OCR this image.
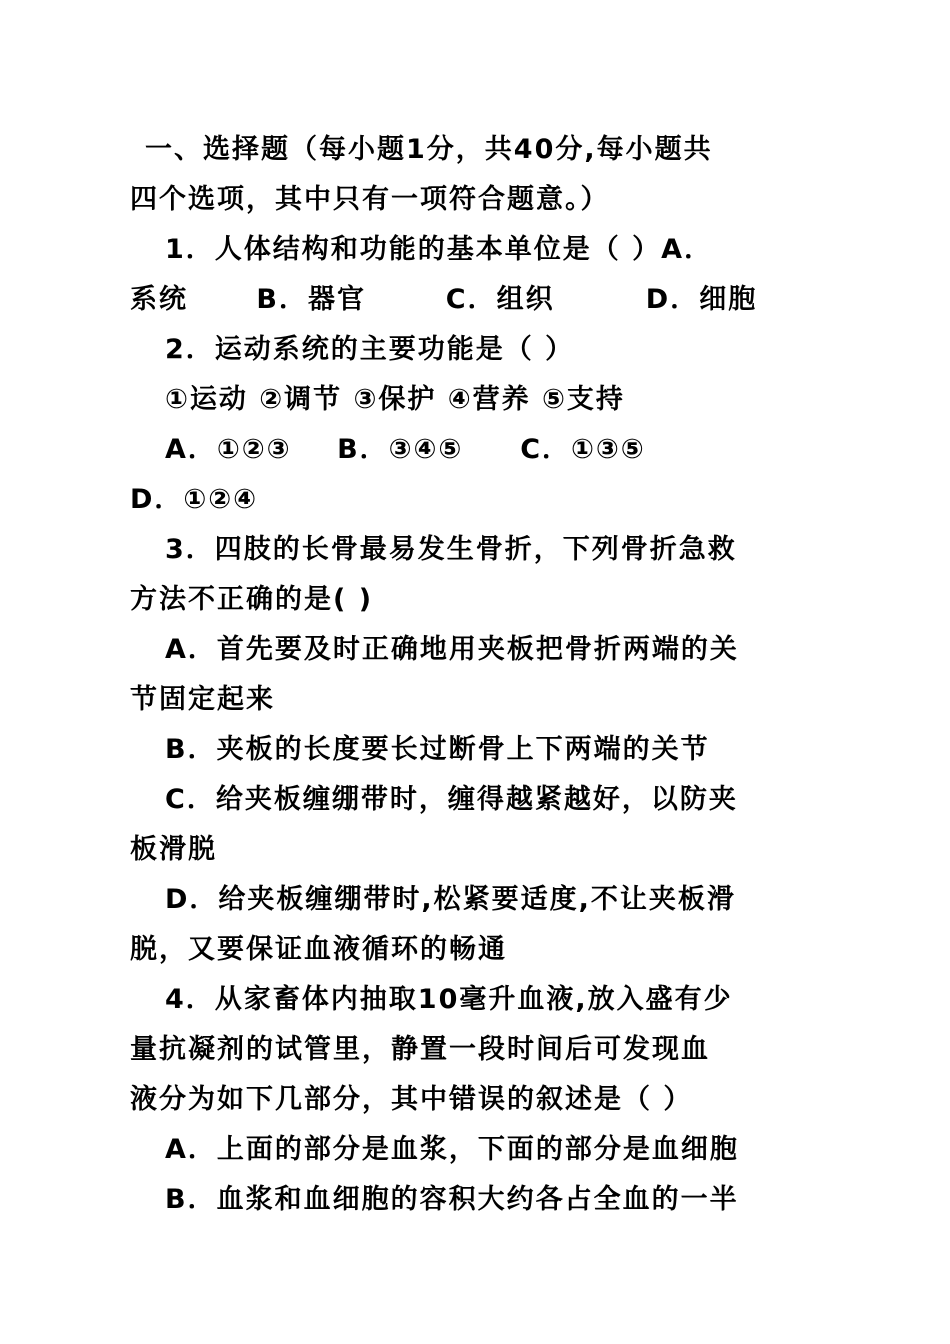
一、选择题（每小题1分，共40分,每小题共
四个选项，其中只有一项符合题意。）
1．人体结构和功能的基本单位是（ ）A．
系统      B．器官       C．组织        D．细胞
2．运动系统的主要功能是（ ）
①运动 ②调节 ③保护 ④营养 ⑤支持
A．①②③    B．③④⑤     C．①③⑤
D．①②④
3．四肢的长骨最易发生骨折，下列骨折急救
方法不正确的是( )
A．首先要及时正确地用夹板把骨折两端的关
节固定起来
B．夹板的长度要长过断骨上下两端的关节
C．给夹板缠绷带时，缠得越紧越好，以防夹
板滑脱
D．给夹板缠绷带时,松紧要适度,不让夹板滑
脱，又要保证血液循环的畅通
4．从家畜体内抽取10毫升血液,放入盛有少
量抗凝剂的试管里，静置一段时间后可发现血
液分为如下几部分，其中错误的叙述是（ ）
A．上面的部分是血浆，下面的部分是血细胞
B．血浆和血细胞的容积大约各占全血的一半
